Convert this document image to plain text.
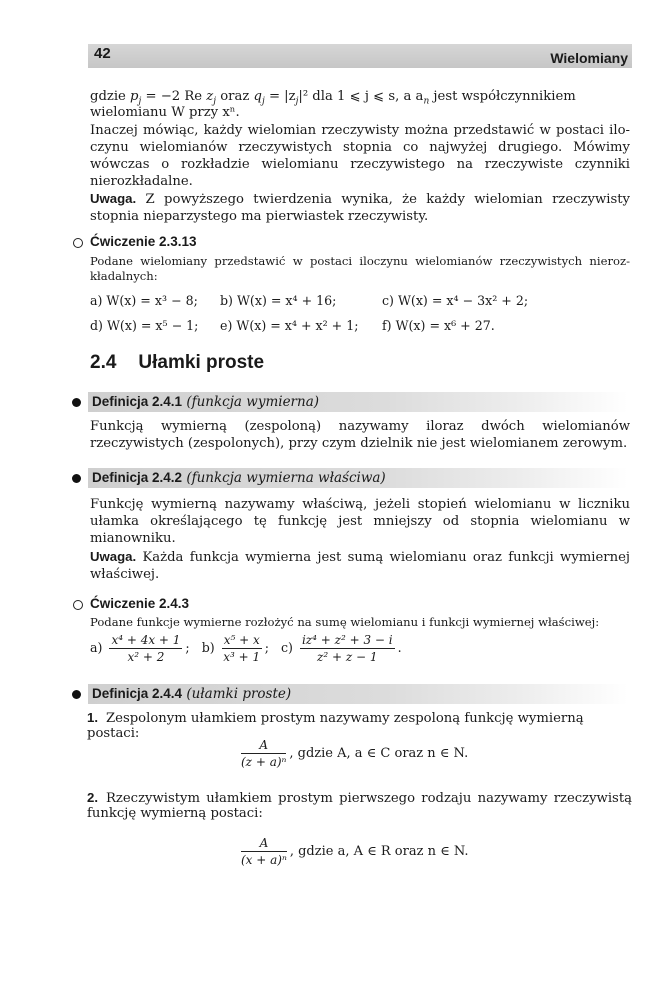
42	Wielomiany
gdzie $p_j = -2$ Re $z_j$ oraz $q_j = |z_j|^2$ dla 1 ⩽ j ⩽ s, a $a_n$ jest współczynnikiem
wielomianu W przy xⁿ.
Inaczej mówiąc, każdy wielomian rzeczywisty można przedstawić w postaci ilo-czynu wielomianów rzeczywistych stopnia co najwyżej drugiego. Mówimy wówczas o rozkładzie wielomianu rzeczywistego na rzeczywiste czynniki nierozkładalne.
Uwaga. Z powyższego twierdzenia wynika, że każdy wielomian rzeczywisty stopnia nieparzystego ma pierwiastek rzeczywisty.
Ćwiczenie 2.3.13
Podane wielomiany przedstawić w postaci iloczynu wielomianów rzeczywistych nieroz-kładalnych:
a) W(x) = x³ − 8; b) W(x) = x⁴ + 16;	c) W(x) = x⁴ − 3x² + 2;
d) W(x) = x⁵ − 1; e) W(x) = x⁴ + x² + 1; f) W(x) = x⁶ + 27.
2.4 Ułamki proste
Definicja 2.4.1 (funkcja wymierna)
Funkcją wymierną (zespoloną) nazywamy iloraz dwóch wielomianów rzeczywistych (zespolonych), przy czym dzielnik nie jest wielomianem zerowym.
Definicja 2.4.2 (funkcja wymierna właściwa)
Funkcję wymierną nazywamy właściwą, jeżeli stopień wielomianu w liczniku ułamka określającego tę funkcję jest mniejszy od stopnia wielomianu w mianowniku.
Uwaga. Każda funkcja wymierna jest sumą wielomianu oraz funkcji wymiernej właściwej.
Ćwiczenie 2.4.3
Podane funkcje wymierne rozłożyć na sumę wielomianu i funkcji wymiernej właściwej:
$a) \frac{\text{x⁴ + 4x + 1}}{\text{x² + 2}}$ ; $b) \frac{\text{x⁵ + x}}{\text{x³ + 1}}$ ; $c) \frac{\text{iz⁴ + z² + 3 − i}}{\text{z² + z − 1}}$ .
Definicja 2.4.4 (ułamki proste)
1. Zespolonym ułamkiem prostym nazywamy zespoloną funkcję wymierną postaci:
$\frac{A}{\text{(z + a)ⁿ}}$ , gdzie A, a ∈ C oraz n ∈ N.
2. Rzeczywistym ułamkiem prostym pierwszego rodzaju nazywamy rzeczywistą funkcję wymierną postaci:
$\frac{A}{\text{(x + a)ⁿ}}$ , gdzie a, A ∈ R oraz n ∈ N.
